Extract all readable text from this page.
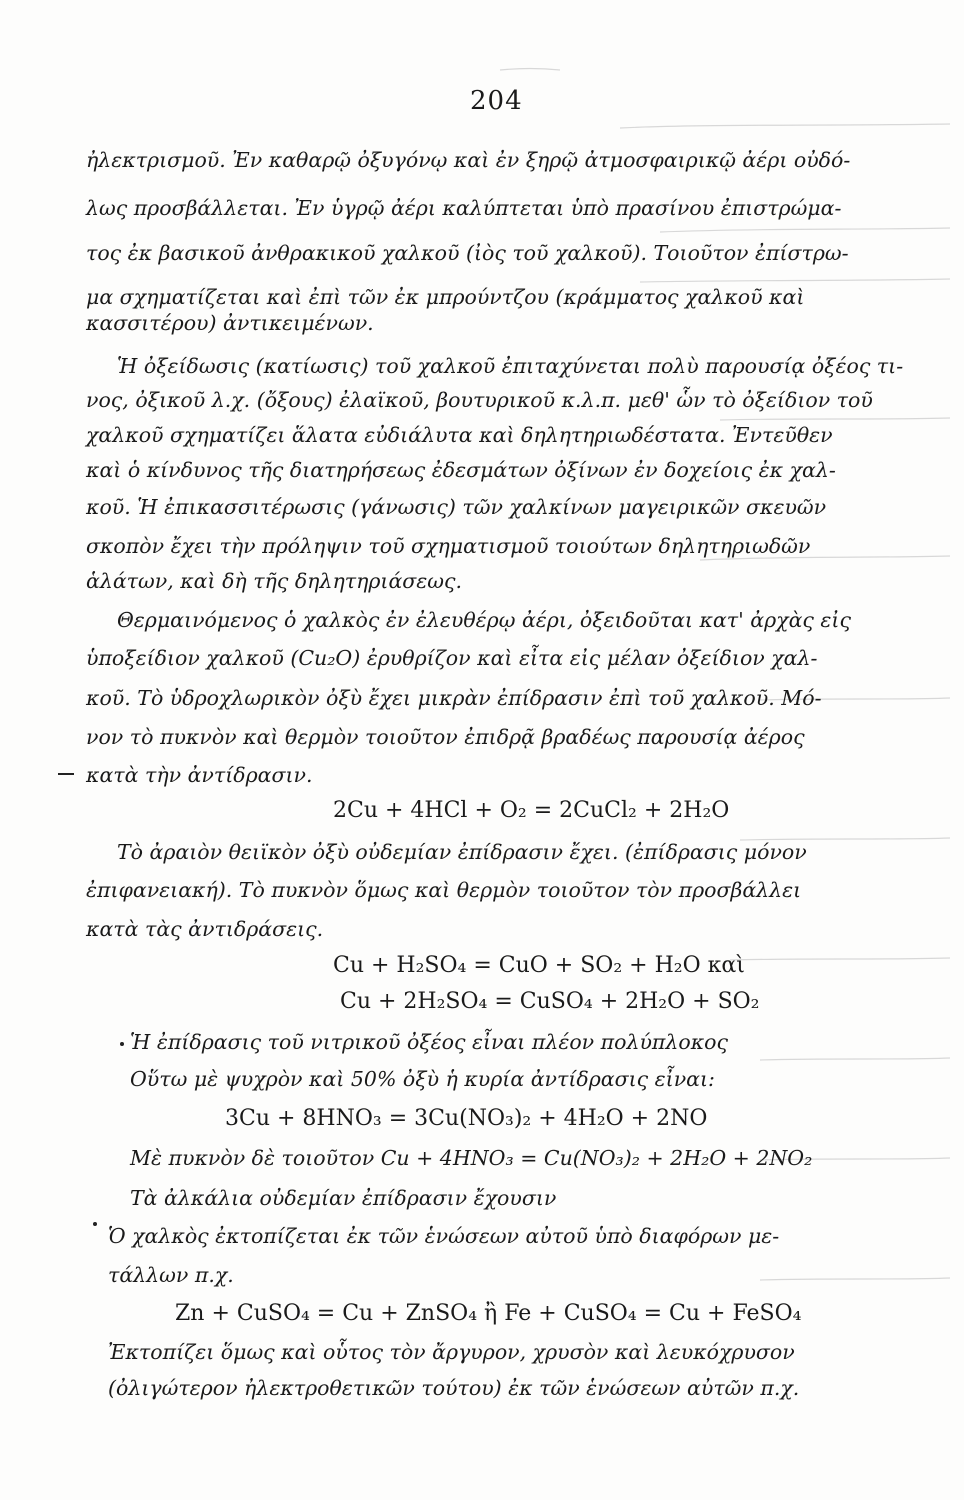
204
ἠλεκτρισμοῦ. Ἐν καθαρῷ ὀξυγόνῳ καὶ ἐν ξηρῷ ἀτμοσφαιρικῷ ἀέρι οὐδό-
λως προσβάλλεται. Ἐν ὑγρῷ ἀέρι καλύπτεται ὑπὸ πρασίνου ἐπιστρώμα-
τος ἐκ βασικοῦ ἀνθρακικοῦ χαλκοῦ (ἰὸς τοῦ χαλκοῦ). Τοιοῦτον ἐπίστρω-
μα σχηματίζεται καὶ ἐπὶ τῶν ἐκ μπρούντζου (κράμματος χαλκοῦ καὶ
κασσιτέρου) ἀντικειμένων.
Ἡ ὀξείδωσις (κατίωσις) τοῦ χαλκοῦ ἐπιταχύνεται πολὺ παρουσίᾳ ὀξέος τι-
νος, ὀξικοῦ λ.χ. (ὄξους) ἐλαϊκοῦ, βουτυρικοῦ κ.λ.π. μεθ' ὧν τὸ ὀξείδιον τοῦ
χαλκοῦ σχηματίζει ἅλατα εὐδιάλυτα καὶ δηλητηριωδέστατα. Ἐντεῦθεν
καὶ ὁ κίνδυνος τῆς διατηρήσεως ἐδεσμάτων ὀξίνων ἐν δοχείοις ἐκ χαλ-
κοῦ. Ἡ ἐπικασσιτέρωσις (γάνωσις) τῶν χαλκίνων μαγειρικῶν σκευῶν
σκοπὸν ἔχει τὴν πρόληψιν τοῦ σχηματισμοῦ τοιούτων δηλητηριωδῶν
ἁλάτων, καὶ δὴ τῆς δηλητηριάσεως.
Θερμαινόμενος ὁ χαλκὸς ἐν ἐλευθέρῳ ἀέρι, ὀξειδοῦται κατ' ἀρχὰς εἰς
ὑποξείδιον χαλκοῦ (Cu₂O) ἐρυθρίζον καὶ εἶτα εἰς μέλαν ὀξείδιον χαλ-
κοῦ. Τὸ ὑδροχλωρικὸν ὀξὺ ἔχει μικρὰν ἐπίδρασιν ἐπὶ τοῦ χαλκοῦ. Μό-
νον τὸ πυκνὸν καὶ θερμὸν τοιοῦτον ἐπιδρᾷ βραδέως παρουσίᾳ ἀέρος
κατὰ τὴν ἀντίδρασιν.
2Cu + 4HCl + O₂ = 2CuCl₂ + 2H₂O
Τὸ ἀραιὸν θειϊκὸν ὀξὺ οὐδεμίαν ἐπίδρασιν ἔχει. (ἐπίδρασις μόνον
ἐπιφανειακή). Τὸ πυκνὸν ὅμως καὶ θερμὸν τοιοῦτον τὸν προσβάλλει
κατὰ τὰς ἀντιδράσεις.
Cu + H₂SO₄ = CuO + SO₂ + H₂O καὶ
Cu + 2H₂SO₄ = CuSO₄ + 2H₂O + SO₂
Ἡ ἐπίδρασις τοῦ νιτρικοῦ ὀξέος εἶναι πλέον πολύπλοκος
Οὕτω μὲ ψυχρὸν καὶ 50% ὀξὺ ἡ κυρία ἀντίδρασις εἶναι:
3Cu + 8HNO₃ = 3Cu(NO₃)₂ + 4H₂O + 2NO
Μὲ πυκνὸν δὲ τοιοῦτον Cu + 4HNO₃ = Cu(NO₃)₂ + 2H₂O + 2NO₂
Τὰ ἀλκάλια οὐδεμίαν ἐπίδρασιν ἔχουσιν
Ὁ χαλκὸς ἐκτοπίζεται ἐκ τῶν ἑνώσεων αὐτοῦ ὑπὸ διαφόρων με-
τάλλων π.χ.
Zn + CuSO₄ = Cu + ZnSO₄ ἢ Fe + CuSO₄ = Cu + FeSO₄
Ἐκτοπίζει ὅμως καὶ οὗτος τὸν ἄργυρον, χρυσὸν καὶ λευκόχρυσον
(ὀλιγώτερον ἠλεκτροθετικῶν τούτου) ἐκ τῶν ἑνώσεων αὐτῶν π.χ.
